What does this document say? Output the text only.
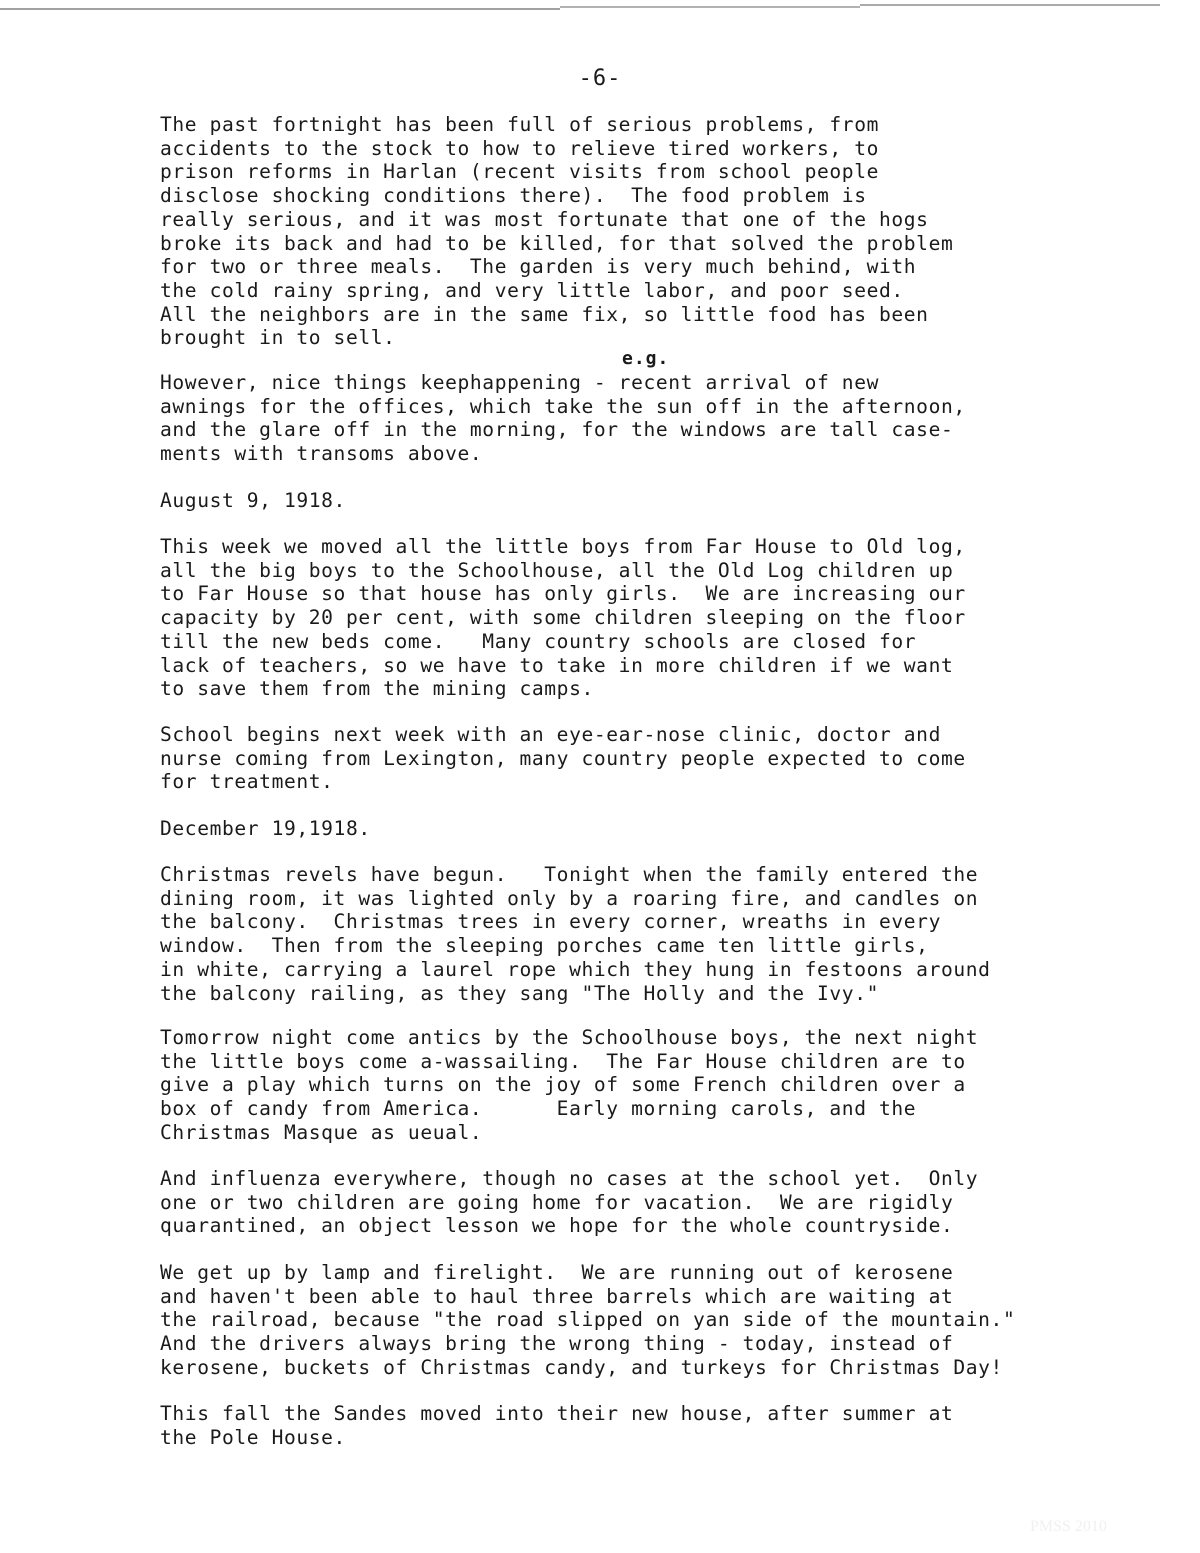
-6-
e.g.

The past fortnight has been full of serious problems, from
accidents to the stock to how to relieve tired workers, to
prison reforms in Harlan (recent visits from school people
disclose shocking conditions there).  The food problem is
really serious, and it was most fortunate that one of the hogs
broke its back and had to be killed, for that solved the problem
for two or three meals.  The garden is very much behind, with
the cold rainy spring, and very little labor, and poor seed.
All the neighbors are in the same fix, so little food has been
brought in to sell.

However, nice things keephappening - recent arrival of new
awnings for the offices, which take the sun off in the afternoon,
and the glare off in the morning, for the windows are tall case-
ments with transoms above.

August 9, 1918.

This week we moved all the little boys from Far House to Old log,
all the big boys to the Schoolhouse, all the Old Log children up
to Far House so that house has only girls.  We are increasing our
capacity by 20 per cent, with some children sleeping on the floor
till the new beds come.   Many country schools are closed for
lack of teachers, so we have to take in more children if we want
to save them from the mining camps.

School begins next week with an eye-ear-nose clinic, doctor and
nurse coming from Lexington, many country people expected to come
for treatment.

December 19,1918.

Christmas revels have begun.   Tonight when the family entered the
dining room, it was lighted only by a roaring fire, and candles on
the balcony.  Christmas trees in every corner, wreaths in every
window.  Then from the sleeping porches came ten little girls,
in white, carrying a laurel rope which they hung in festoons around
the balcony railing, as they sang "The Holly and the Ivy."

Tomorrow night come antics by the Schoolhouse boys, the next night
the little boys come a-wassailing.  The Far House children are to
give a play which turns on the joy of some French children over a
box of candy from America.      Early morning carols, and the
Christmas Masque as ueual.

And influenza everywhere, though no cases at the school yet.  Only
one or two children are going home for vacation.  We are rigidly
quarantined, an object lesson we hope for the whole countryside.

We get up by lamp and firelight.  We are running out of kerosene
and haven't been able to haul three barrels which are waiting at
the railroad, because "the road slipped on yan side of the mountain."
And the drivers always bring the wrong thing - today, instead of
kerosene, buckets of Christmas candy, and turkeys for Christmas Day!

This fall the Sandes moved into their new house, after summer at
the Pole House.

PMSS 2010
